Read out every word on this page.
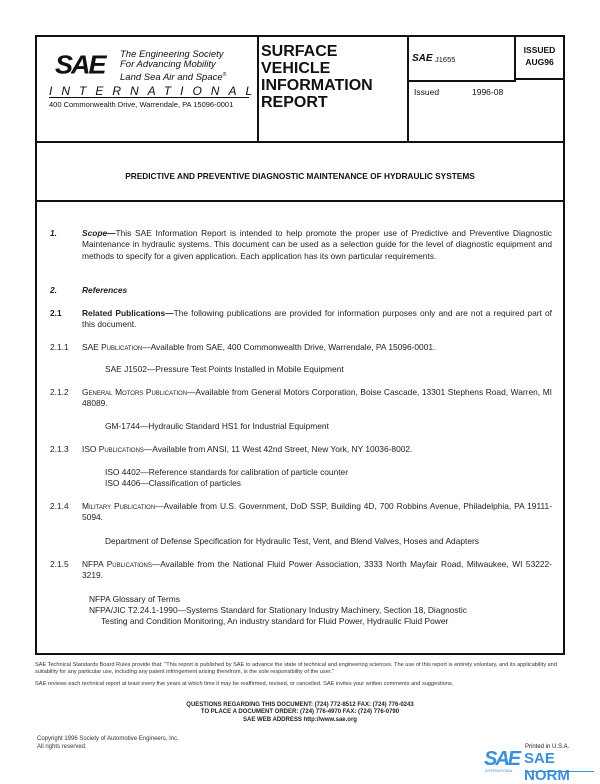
SAE The Engineering Society
For Advancing Mobility
Land Sea Air and Space®
INTERNATIONAL
400 Commonwealth Drive, Warrendale, PA 15096-0001
SURFACE
VEHICLE
INFORMATION
REPORT
SAE J1655
ISSUED
AUG96
Issued	1996-08
PREDICTIVE AND PREVENTIVE DIAGNOSTIC MAINTENANCE OF HYDRAULIC SYSTEMS
1.	Scope—This SAE Information Report is intended to help promote the proper use of Predictive and Preventive Diagnostic Maintenance in hydraulic systems. This document can be used as a selection guide for the level of diagnostic equipment and methods to specify for a given application. Each application has its own particular requirements.
2.	References
2.1 Related Publications—The following publications are provided for information purposes only and are not a required part of this document.
2.1.1 SAE Publication—Available from SAE, 400 Commonwealth Drive, Warrendale, PA 15096-0001.
SAE J1502—Pressure Test Points Installed in Mobile Equipment
2.1.2 General Motors Publication—Available from General Motors Corporation, Boise Cascade, 13301 Stephens Road, Warren, MI 48089.
GM-1744—Hydraulic Standard HS1 for Industrial Equipment
2.1.3 ISO Publications—Available from ANSI, 11 West 42nd Street, New York, NY 10036-8002.
ISO 4402—Reference standards for calibration of particle counter
ISO 4406—Classification of particles
2.1.4 Military Publication—Available from U.S. Government, DoD SSP, Building 4D, 700 Robbins Avenue, Philadelphia, PA 19111-5094.
Department of Defense Specification for Hydraulic Test, Vent, and Blend Valves, Hoses and Adapters
2.1.5 NFPA Publications—Available from the National Fluid Power Association, 3333 North Mayfair Road, Milwaukee, WI 53222-3219.
NFPA Glossary of Terms
NFPA/JIC T2.24.1-1990—Systems Standard for Stationary Industry Machinery, Section 18, Diagnostic
Testing and Condition Monitoring, An industry standard for Fluid Power, Hydraulic Fluid Power
SAE Technical Standards Board Rules provide that: "This report is published by SAE to advance the state of technical and engineering sciences. The use of this report is entirely voluntary, and its applicability and suitability for any particular use, including any patent infringement arising therefrom, is the sole responsibility of the user."
SAE reviews each technical report at least every five years at which time it may be reaffirmed, revised, or cancelled. SAE invites your written comments and suggestions.
QUESTIONS REGARDING THIS DOCUMENT: (724) 772-8512 FAX: (724) 776-0243
TO PLACE A DOCUMENT ORDER: (724) 776-4970 FAX: (724) 776-0790
SAE WEB ADDRESS http://www.sae.org
Copyright 1996 Society of Automotive Engineers, Inc.
All rights reserved.
SAE SAE NORM
INTERNATIONAL
Printed in U.S.A.
